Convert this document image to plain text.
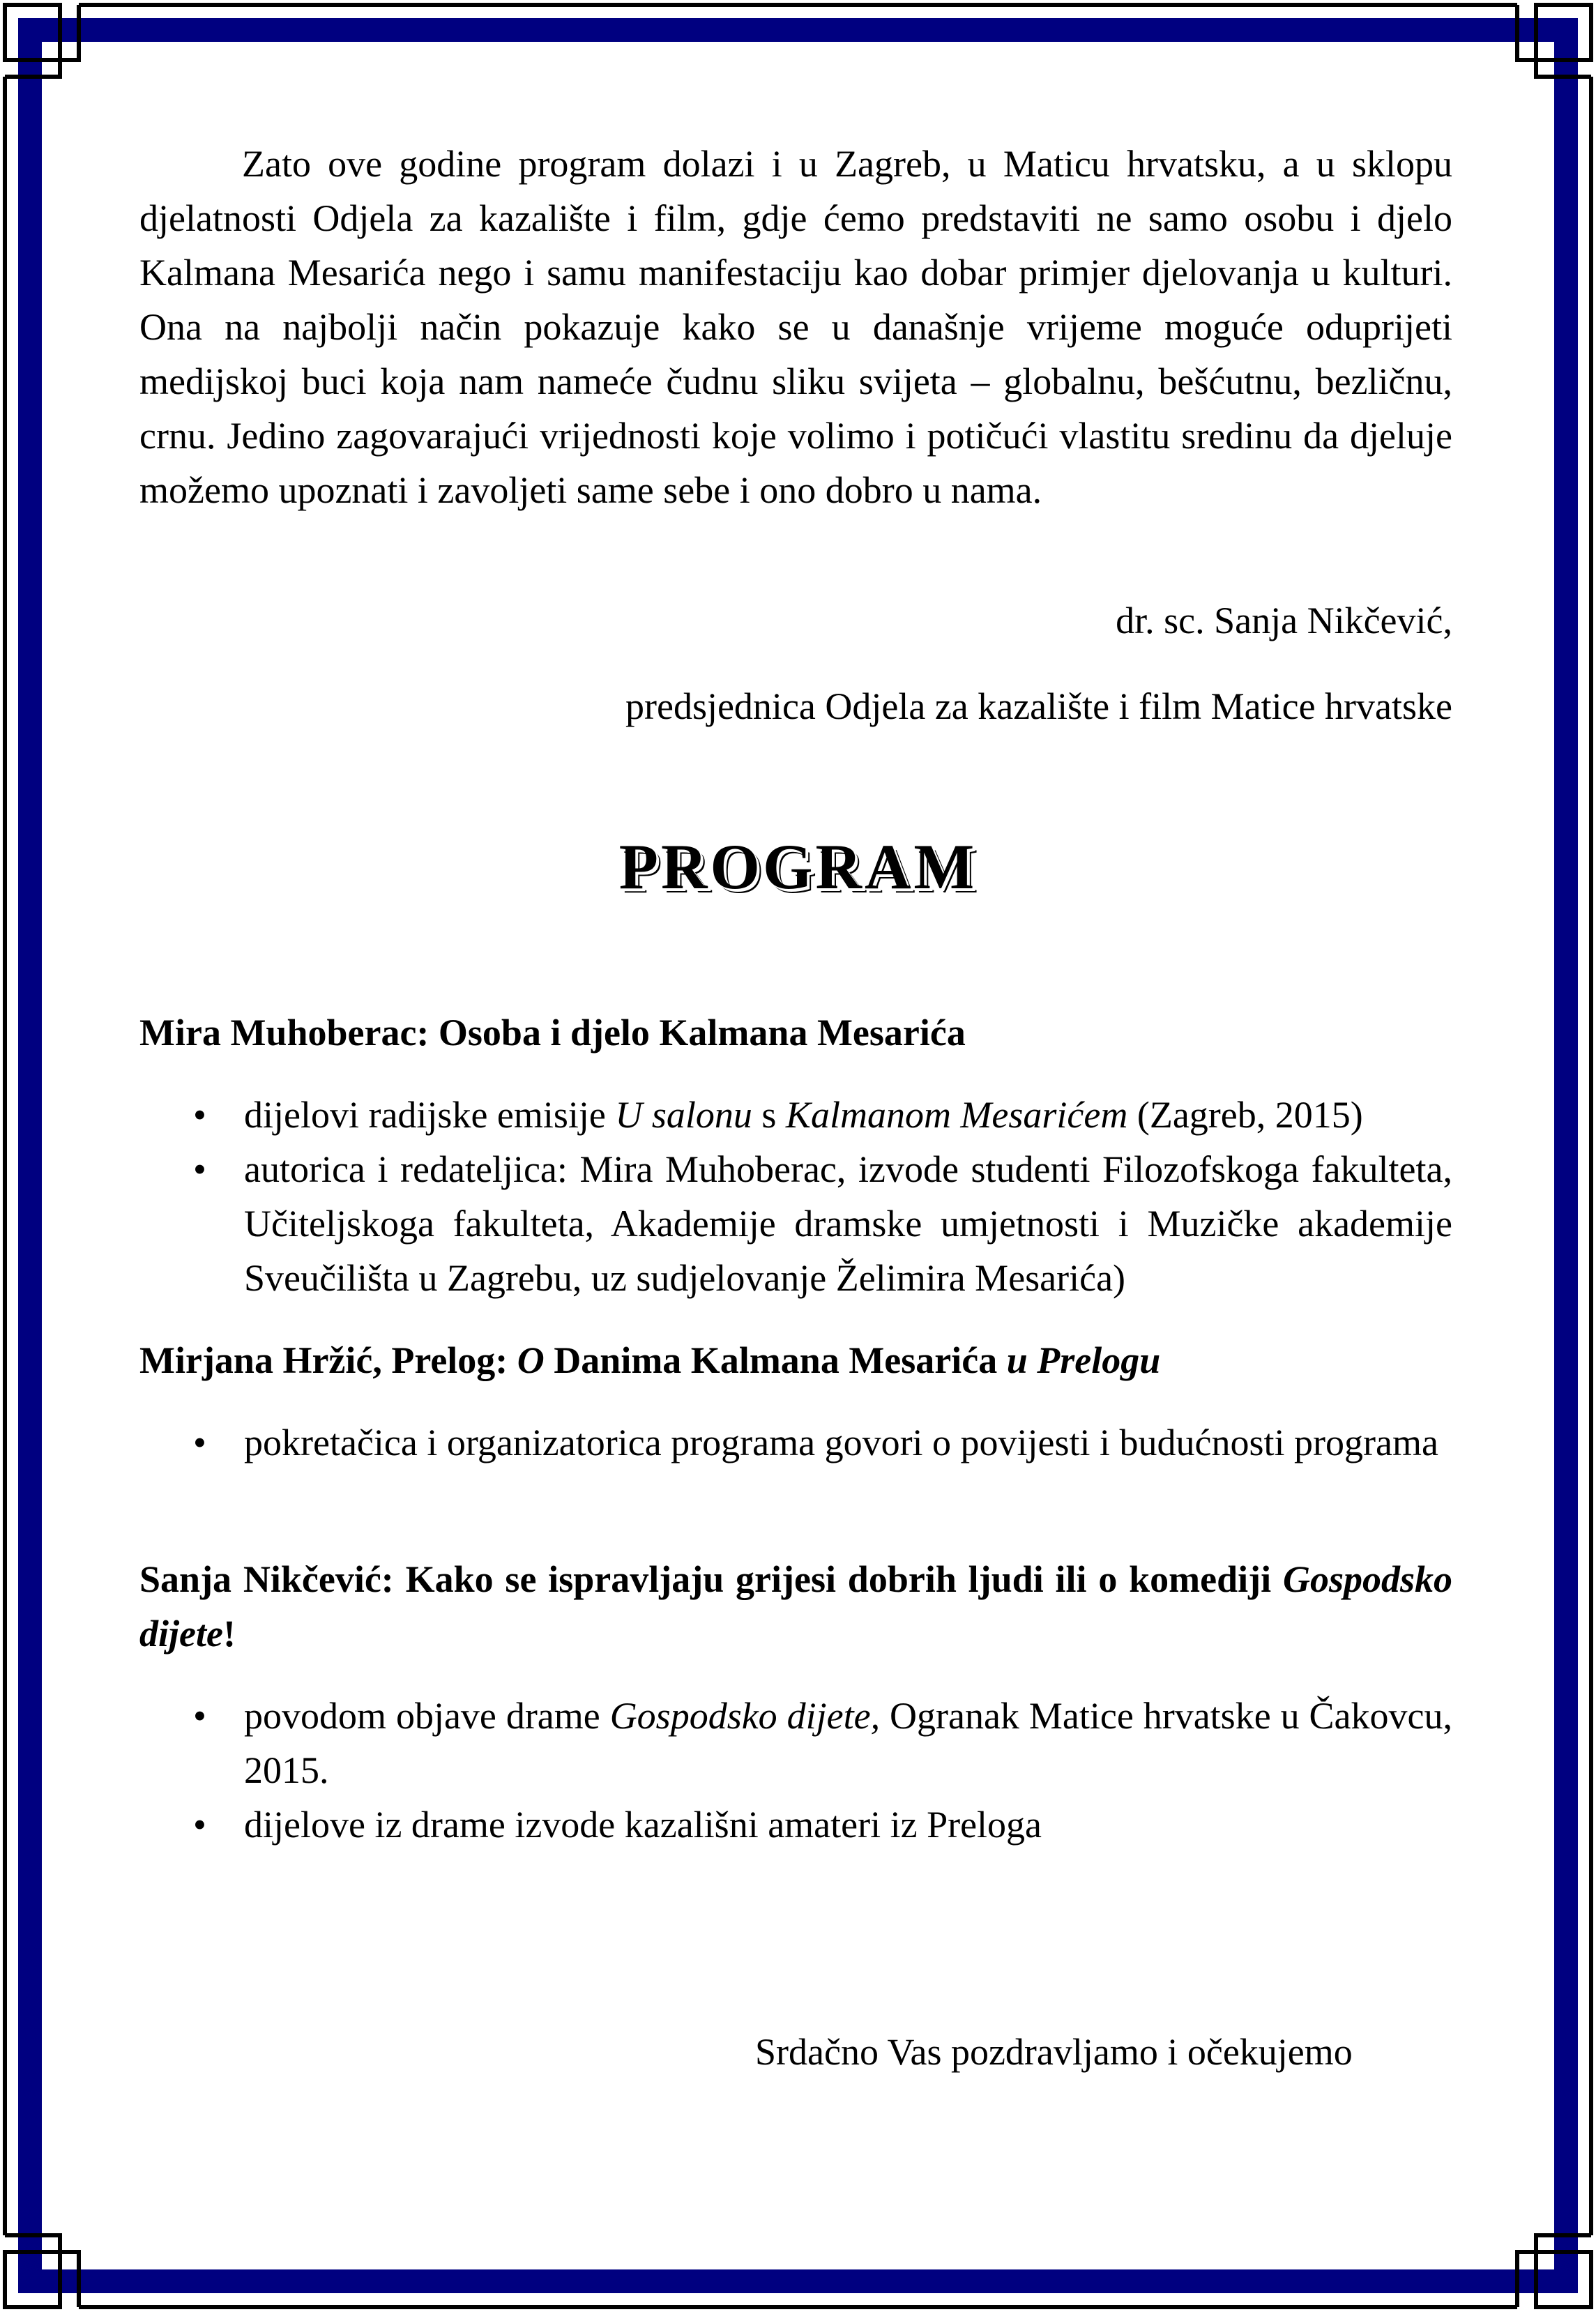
Zato ove godine program dolazi i u Zagreb, u Maticu hrvatsku, a u sklopu djelatnosti Odjela za kazalište i film, gdje ćemo predstaviti ne samo osobu i djelo Kalmana Mesarića nego i samu manifestaciju kao dobar primjer djelovanja u kulturi. Ona na najbolji način pokazuje kako se u današnje vrijeme moguće oduprijeti medijskoj buci koja nam nameće čudnu sliku svijeta – globalnu, bešćutnu, bezličnu, crnu. Jedino zagovarajući vrijednosti koje volimo i potičući vlastitu sredinu da djeluje možemo upoznati i zavoljeti same sebe i ono dobro u nama.

dr. sc. Sanja Nikčević,

predsjednica Odjela za kazalište i film Matice hrvatske

PROGRAM

Mira Muhoberac: Osoba i djelo Kalmana Mesarića

• dijelovi radijske emisije U salonu s Kalmanom Mesarićem (Zagreb, 2015)
• autorica i redateljica: Mira Muhoberac, izvode studenti Filozofskoga fakulteta, Učiteljskoga fakulteta, Akademije dramske umjetnosti i Muzičke akademije Sveučilišta u Zagrebu, uz sudjelovanje Želimira Mesarića)

Mirjana Hržić, Prelog: O Danima Kalmana Mesarića u Prelogu

• pokretačica i organizatorica programa govori o povijesti i budućnosti programa

Sanja Nikčević: Kako se ispravljaju grijesi dobrih ljudi ili o komediji Gospodsko dijete!

• povodom objave drame Gospodsko dijete, Ogranak Matice hrvatske u Čakovcu, 2015.
• dijelove iz drame izvode kazališni amateri iz Preloga

Srdačno Vas pozdravljamo i očekujemo
